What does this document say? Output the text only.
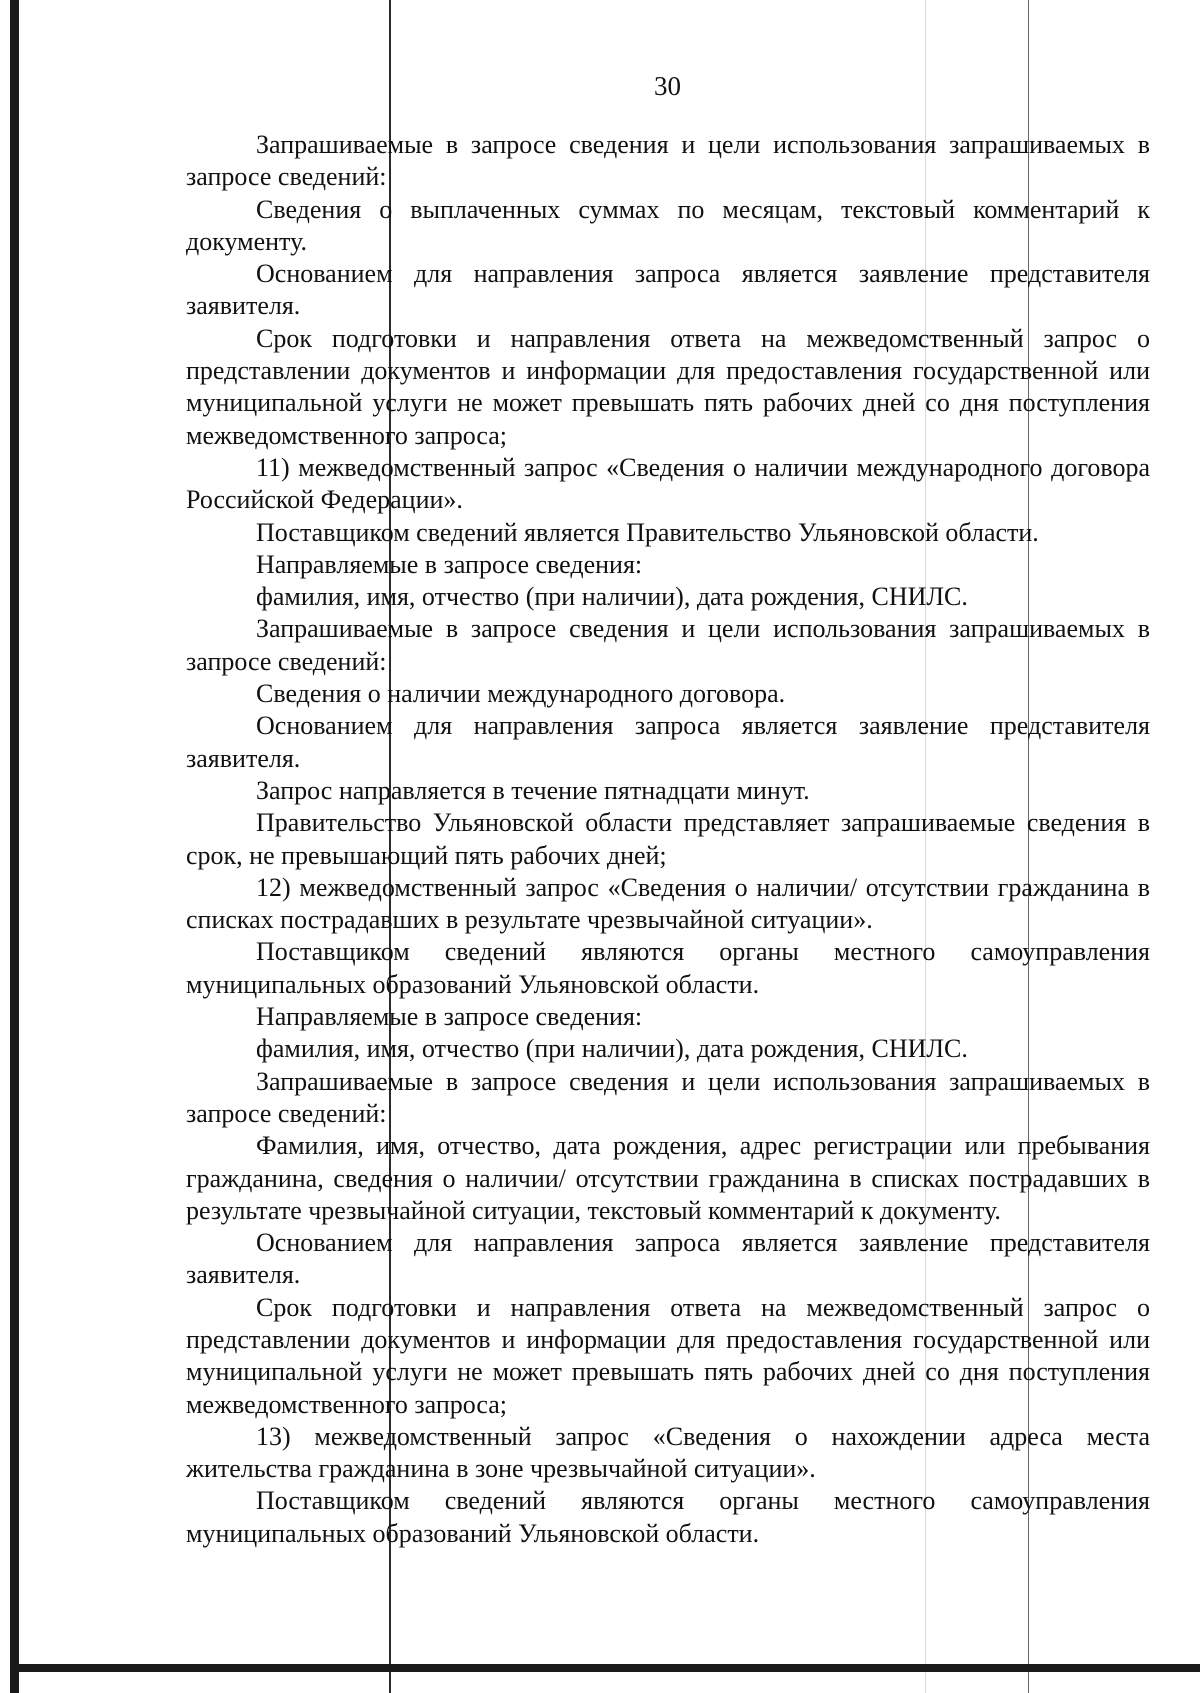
30

Запрашиваемые в запросе сведения и цели использования запрашиваемых в запросе сведений:

Сведения о выплаченных суммах по месяцам, текстовый комментарий к документу.

Основанием для направления запроса является заявление представителя заявителя.

Срок подготовки и направления ответа на межведомственный запрос о представлении документов и информации для предоставления государственной или муниципальной услуги не может превышать пять рабочих дней со дня поступления межведомственного запроса;

11) межведомственный запрос «Сведения о наличии международного договора Российской Федерации».

Поставщиком сведений является Правительство Ульяновской области.

Направляемые в запросе сведения:

фамилия, имя, отчество (при наличии), дата рождения, СНИЛС.

Запрашиваемые в запросе сведения и цели использования запрашиваемых в запросе сведений:

Сведения о наличии международного договора.

Основанием для направления запроса является заявление представителя заявителя.

Запрос направляется в течение пятнадцати минут.

Правительство Ульяновской области представляет запрашиваемые сведения в срок, не превышающий пять рабочих дней;

12) межведомственный запрос «Сведения о наличии/ отсутствии гражданина в списках пострадавших в результате чрезвычайной ситуации».

Поставщиком сведений являются органы местного самоуправления муниципальных образований Ульяновской области.

Направляемые в запросе сведения:

фамилия, имя, отчество (при наличии), дата рождения, СНИЛС.

Запрашиваемые в запросе сведения и цели использования запрашиваемых в запросе сведений:

Фамилия, имя, отчество, дата рождения, адрес регистрации или пребывания гражданина, сведения о наличии/ отсутствии гражданина в списках пострадавших в результате чрезвычайной ситуации, текстовый комментарий к документу.

Основанием для направления запроса является заявление представителя заявителя.

Срок подготовки и направления ответа на межведомственный запрос о представлении документов и информации для предоставления государственной или муниципальной услуги не может превышать пять рабочих дней со дня поступления межведомственного запроса;

13) межведомственный запрос «Сведения о нахождении адреса места жительства гражданина в зоне чрезвычайной ситуации».

Поставщиком сведений являются органы местного самоуправления муниципальных образований Ульяновской области.
